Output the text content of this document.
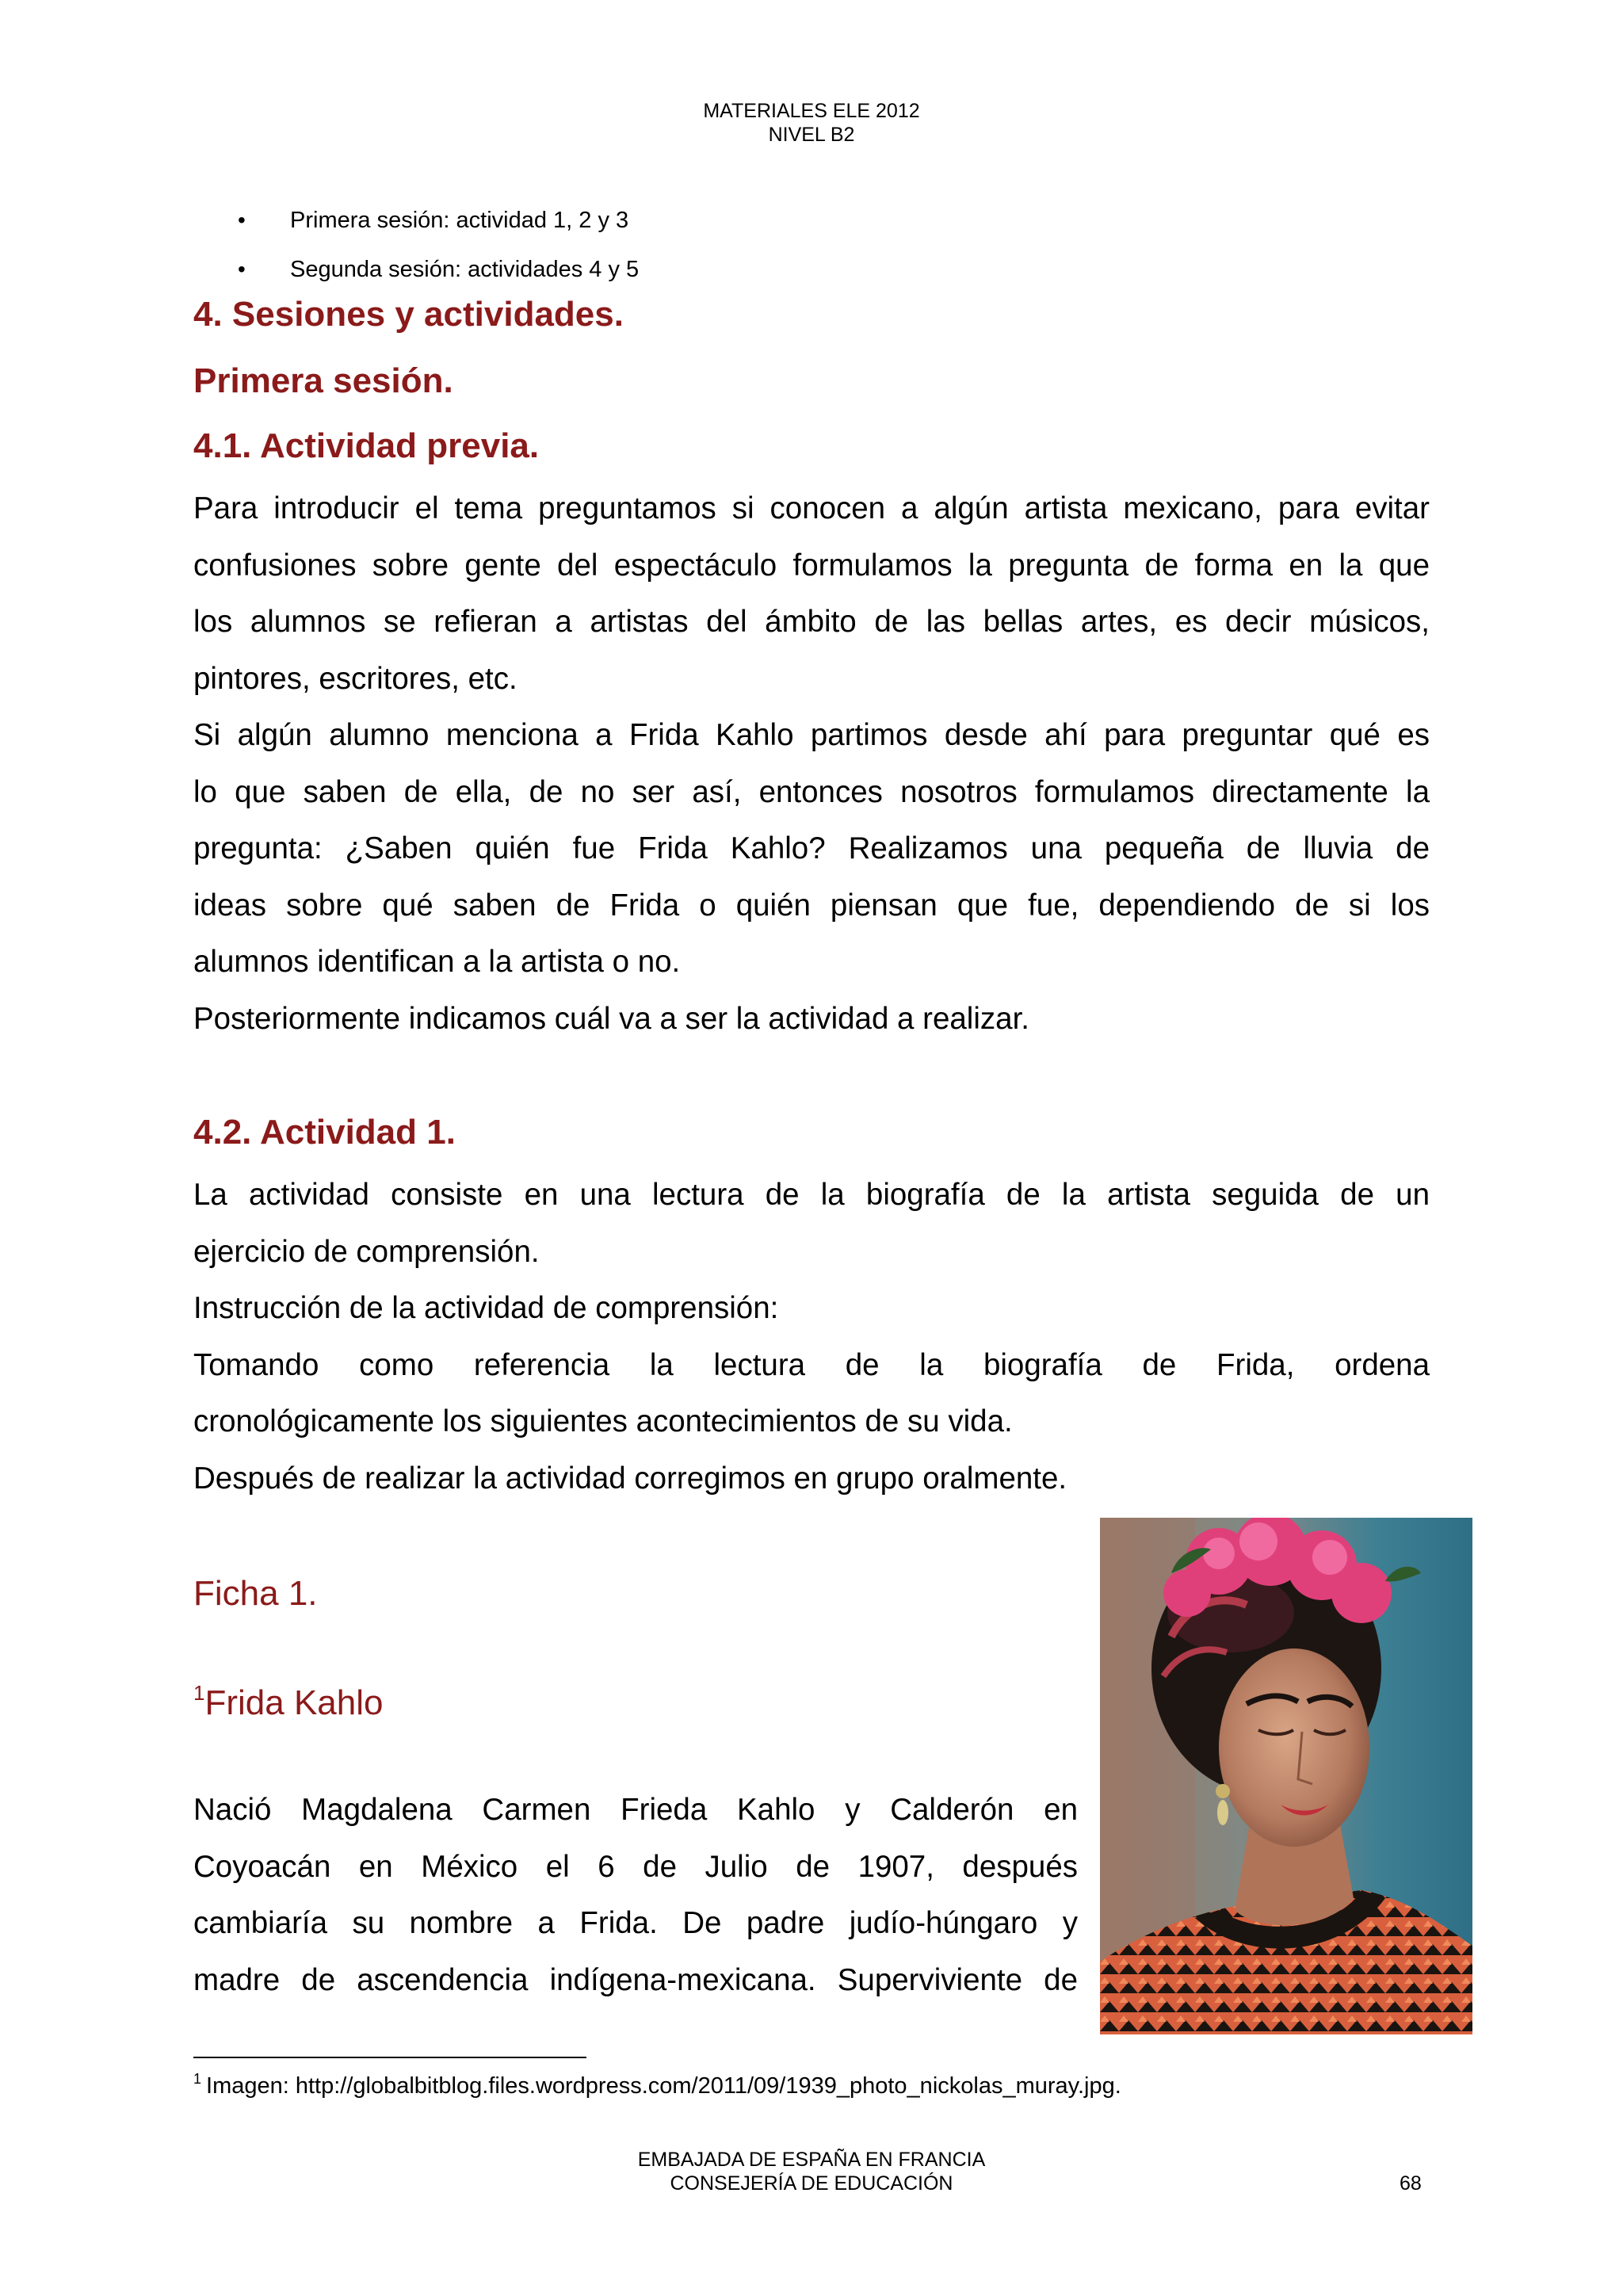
MATERIALES ELE 2012
NIVEL B2
• Primera sesión: actividad 1, 2 y 3
• Segunda sesión: actividades 4 y 5
4. Sesiones y actividades.
Primera sesión.
4.1. Actividad previa.

Para introducir el tema preguntamos si conocen a algún artista mexicano, para evitar

confusiones sobre gente del espectáculo formulamos la pregunta de forma en la que

los alumnos se refieran a artistas del ámbito de las bellas artes, es decir músicos,

pintores, escritores, etc.

Si algún alumno menciona a Frida Kahlo partimos desde ahí para preguntar qué es

lo que saben de ella, de no ser así, entonces nosotros formulamos directamente la

pregunta: ¿Saben quién fue Frida Kahlo? Realizamos una pequeña de lluvia de

ideas sobre qué saben de Frida o quién piensan que fue, dependiendo de si los

alumnos identifican a la artista o no.

Posteriormente indicamos cuál va a ser la actividad a realizar.

4.2. Actividad 1.

La actividad consiste en una lectura de la biografía de la artista seguida de un

ejercicio de comprensión.

Instrucción de la actividad de comprensión:

Tomando como referencia la lectura de la biografía de Frida, ordena

cronológicamente los siguientes acontecimientos de su vida.

Después de realizar la actividad corregimos en grupo oralmente.

Ficha 1.
$^1$Frida Kahlo

Nació Magdalena Carmen Frieda Kahlo y Calderón en

Coyoacán en México el 6 de Julio de 1907, después

cambiaría su nombre a Frida. De padre judío-húngaro y

madre de ascendencia indígena-mexicana. Superviviente de

$^1$ Imagen: http://globalbitblog.files.wordpress.com/2011/09/1939_photo_nickolas_muray.jpg.
EMBAJADA DE ESPAÑA EN FRANCIA
CONSEJERÍA DE EDUCACIÓN	68
